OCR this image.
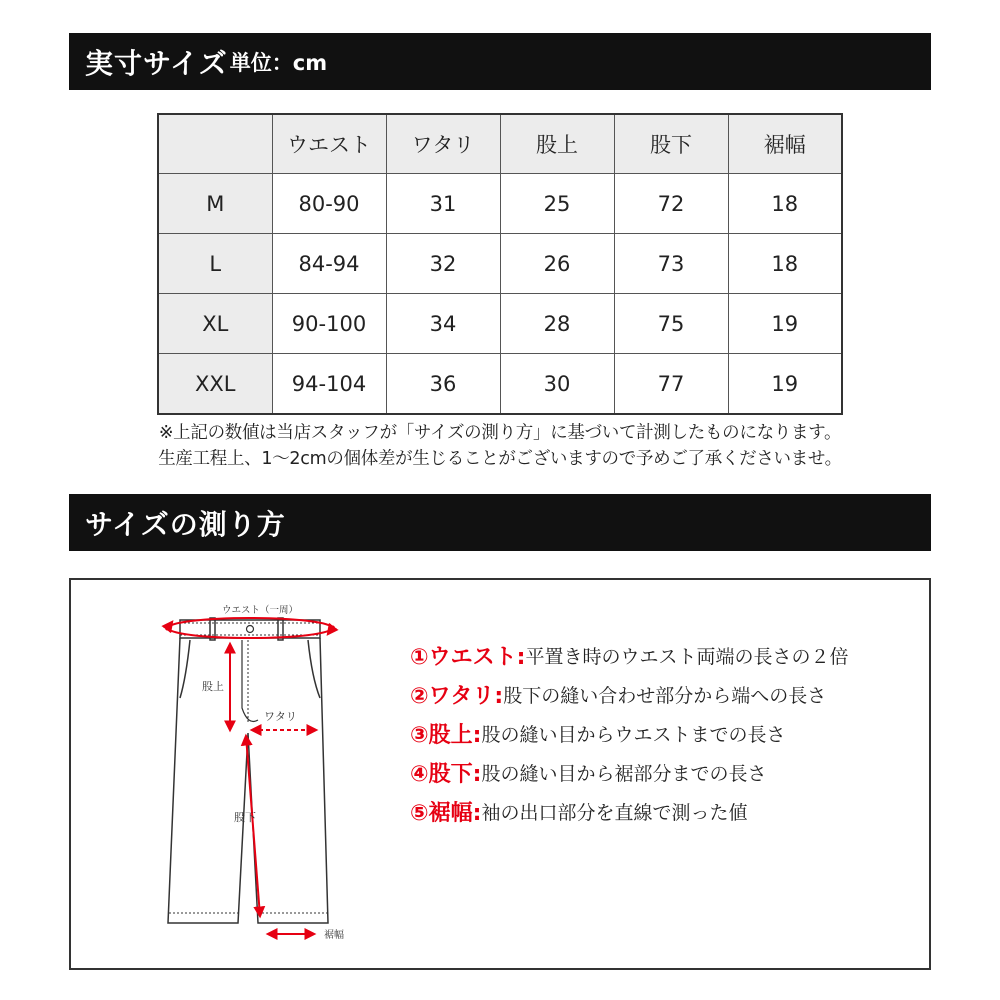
実寸サイズ 単位：cm
	ウエスト	ワタリ	股上	股下	裾幅
M	80-90	31	25	72	18
L	84-94	32	26	73	18
XL	90-100	34	28	75	19
XXL	94-104	36	30	77	19
※上記の数値は当店スタッフが「サイズの測り方」に基づいて計測したものになります。
生産工程上、1〜2cmの個体差が生じることがございますので予めご了承くださいませ。
サイズの測り方
ウエスト（一周）
股上
ワタリ
股下
裾幅
①ウエスト: 平置き時のウエスト両端の長さの２倍
②ワタリ: 股下の縫い合わせ部分から端への長さ
③股上: 股の縫い目からウエストまでの長さ
④股下: 股の縫い目から裾部分までの長さ
⑤裾幅: 袖の出口部分を直線で測った値
